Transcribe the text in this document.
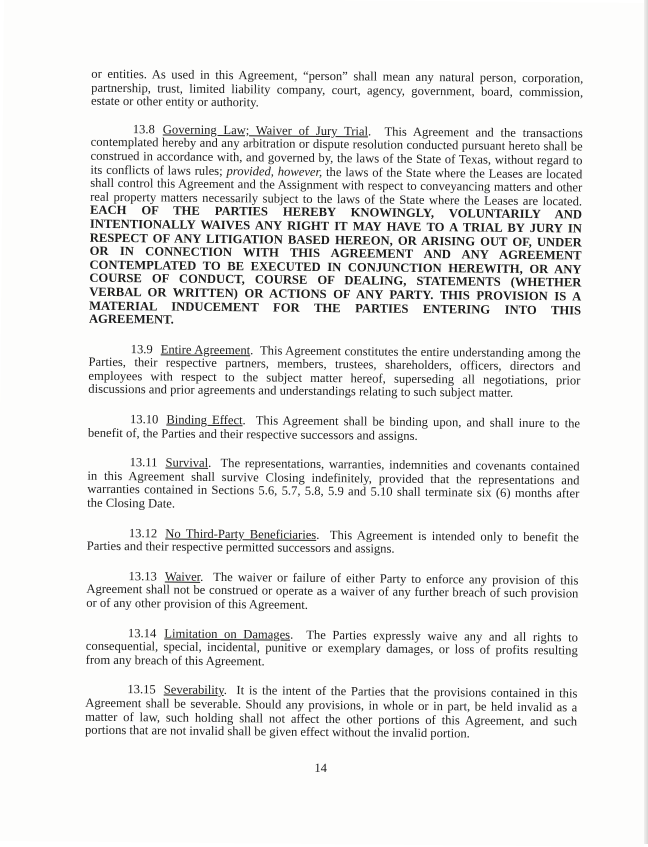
or entities. As used in this Agreement, “person” shall mean any natural person, corporation, partnership, trust, limited liability company, court, agency, government, board, commission, estate or other entity or authority.

13.8 Governing Law; Waiver of Jury Trial.  This Agreement and the transactions contemplated hereby and any arbitration or dispute resolution conducted pursuant hereto shall be construed in accordance with, and governed by, the laws of the State of Texas, without regard to its conflicts of laws rules; provided, however, the laws of the State where the Leases are located shall control this Agreement and the Assignment with respect to conveyancing matters and other real property matters necessarily subject to the laws of the State where the Leases are located. EACH OF THE PARTIES HEREBY KNOWINGLY, VOLUNTARILY AND INTENTIONALLY WAIVES ANY RIGHT IT MAY HAVE TO A TRIAL BY JURY IN RESPECT OF ANY LITIGATION BASED HEREON, OR ARISING OUT OF, UNDER OR IN CONNECTION WITH THIS AGREEMENT AND ANY AGREEMENT CONTEMPLATED TO BE EXECUTED IN CONJUNCTION HEREWITH, OR ANY COURSE OF CONDUCT, COURSE OF DEALING, STATEMENTS (WHETHER VERBAL OR WRITTEN) OR ACTIONS OF ANY PARTY. THIS PROVISION IS A MATERIAL INDUCEMENT FOR THE PARTIES ENTERING INTO THIS AGREEMENT.

13.9 Entire Agreement.  This Agreement constitutes the entire understanding among the Parties, their respective partners, members, trustees, shareholders, officers, directors and employees with respect to the subject matter hereof, superseding all negotiations, prior discussions and prior agreements and understandings relating to such subject matter.

13.10 Binding Effect.  This Agreement shall be binding upon, and shall inure to the benefit of, the Parties and their respective successors and assigns.

13.11 Survival.  The representations, warranties, indemnities and covenants contained in this Agreement shall survive Closing indefinitely, provided that the representations and warranties contained in Sections 5.6, 5.7, 5.8, 5.9 and 5.10 shall terminate six (6) months after the Closing Date.

13.12 No Third-Party Beneficiaries.  This Agreement is intended only to benefit the Parties and their respective permitted successors and assigns.

13.13 Waiver.  The waiver or failure of either Party to enforce any provision of this Agreement shall not be construed or operate as a waiver of any further breach of such provision or of any other provision of this Agreement.

13.14 Limitation on Damages.  The Parties expressly waive any and all rights to consequential, special, incidental, punitive or exemplary damages, or loss of profits resulting from any breach of this Agreement.

13.15 Severability.  It is the intent of the Parties that the provisions contained in this Agreement shall be severable. Should any provisions, in whole or in part, be held invalid as a matter of law, such holding shall not affect the other portions of this Agreement, and such portions that are not invalid shall be given effect without the invalid portion.

14
